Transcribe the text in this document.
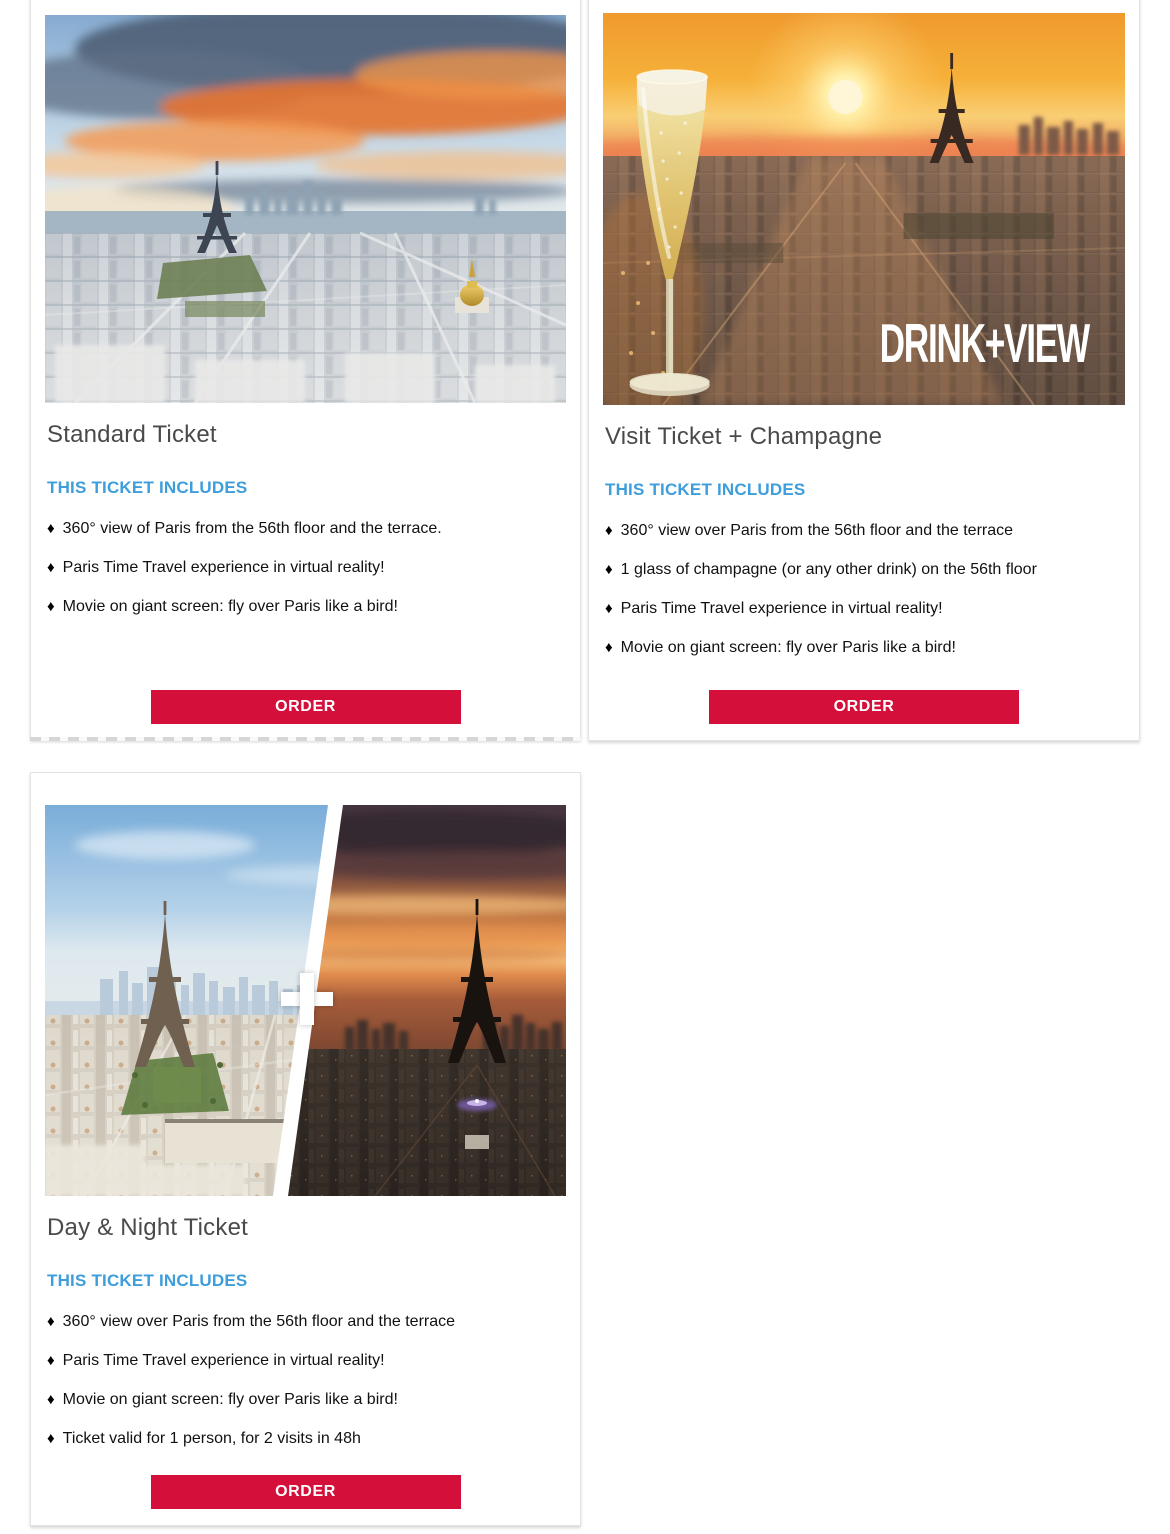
Standard Ticket
THIS TICKET INCLUDES
♦ 360° view of Paris from the 56th floor and the terrace.
♦ Paris Time Travel experience in virtual reality!
♦ Movie on giant screen: fly over Paris like a bird!
ORDER
DRINK+VIEW
Visit Ticket + Champagne
THIS TICKET INCLUDES
♦ 360° view over Paris from the 56th floor and the terrace
♦ 1 glass of champagne (or any other drink) on the 56th floor
♦ Paris Time Travel experience in virtual reality!
♦ Movie on giant screen: fly over Paris like a bird!
ORDER
Day & Night Ticket
THIS TICKET INCLUDES
♦ 360° view over Paris from the 56th floor and the terrace
♦ Paris Time Travel experience in virtual reality!
♦ Movie on giant screen: fly over Paris like a bird!
♦ Ticket valid for 1 person, for 2 visits in 48h
ORDER
